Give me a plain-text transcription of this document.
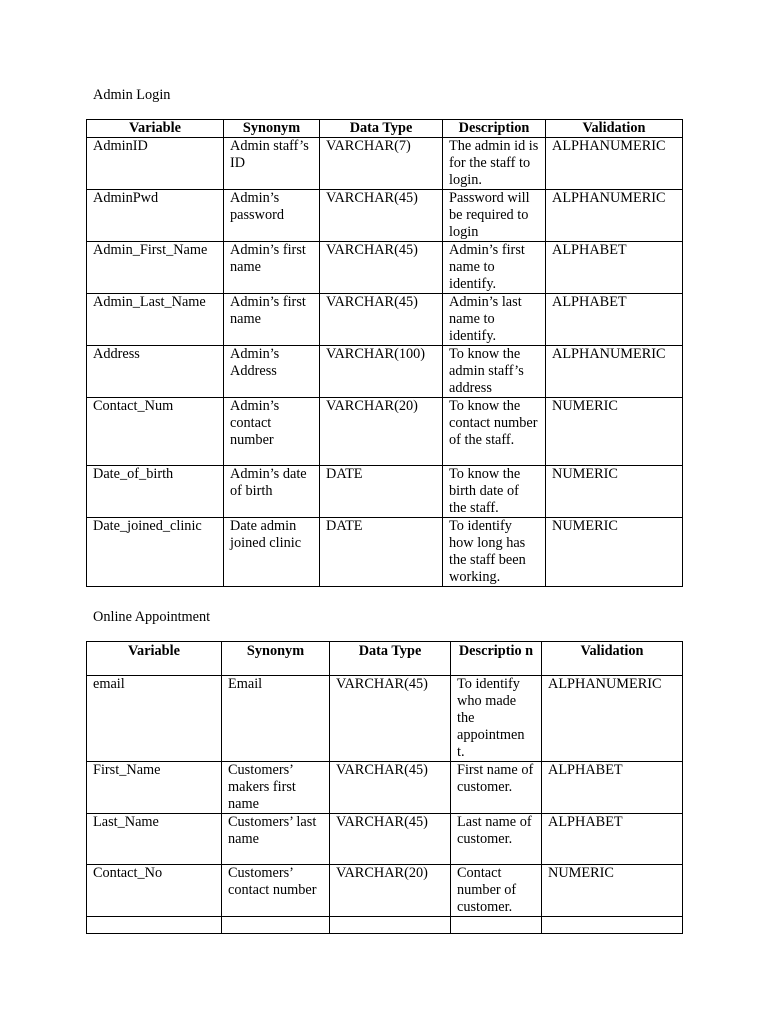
Admin Login
Variable	Synonym	Data Type	Description	Validation
AdminID	Admin staff’s ID	VARCHAR(7)	The admin id is for the staff to login.	ALPHANUMERIC
AdminPwd	Admin’s password	VARCHAR(45)	Password will be required to login	ALPHANUMERIC
Admin_First_Name	Admin’s first name	VARCHAR(45)	Admin’s first name to identify.	ALPHABET
Admin_Last_Name	Admin’s first name	VARCHAR(45)	Admin’s last name to identify.	ALPHABET
Address	Admin’s Address	VARCHAR(100)	To know the admin staff’s address	ALPHANUMERIC
Contact_Num	Admin’s contact number	VARCHAR(20)	To know the contact number of the staff.	NUMERIC
Date_of_birth	Admin’s date of birth	DATE	To know the birth date of the staff.	NUMERIC
Date_joined_clinic	Date admin joined clinic	DATE	To identify how long has the staff been working.	NUMERIC
Online Appointment
Variable	Synonym	Data Type	Descriptio n	Validation
email	Email	VARCHAR(45)	To identify who made the appointmen t.	ALPHANUMERIC
First_Name	Customers’ makers first name	VARCHAR(45)	First name of customer.	ALPHABET
Last_Name	Customers’ last name	VARCHAR(45)	Last name of customer.	ALPHABET
Contact_No	Customers’ contact number	VARCHAR(20)	Contact number of customer.	NUMERIC
